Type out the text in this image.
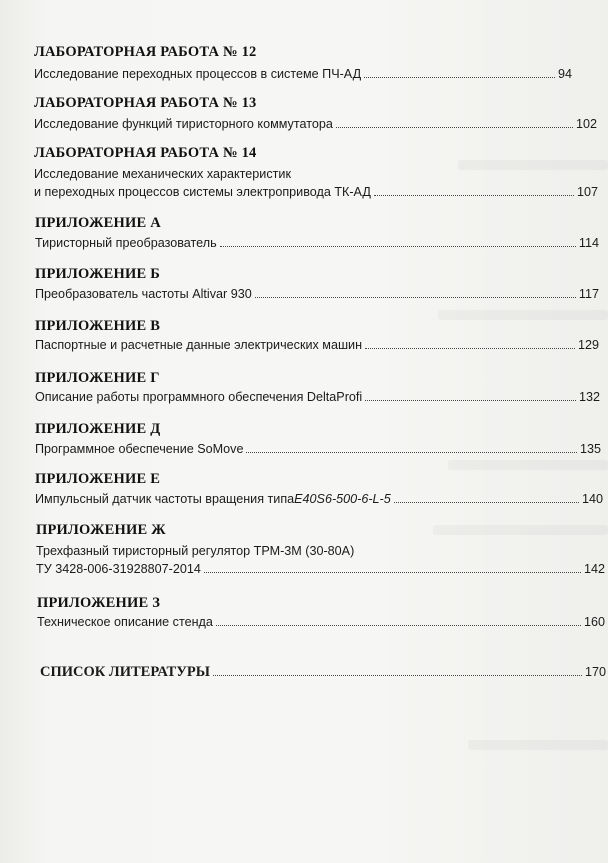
ЛАБОРАТОРНАЯ РАБОТА № 12
Исследование переходных процессов в системе ПЧ-АД	94
ЛАБОРАТОРНАЯ РАБОТА № 13
Исследование функций тиристорного коммутатора	102
ЛАБОРАТОРНАЯ РАБОТА № 14
Исследование механических характеристик
и переходных процессов системы электропривода ТК-АД	107
ПРИЛОЖЕНИЕ А
Тиристорный преобразователь	114
ПРИЛОЖЕНИЕ Б
Преобразователь частоты Altivar 930	117
ПРИЛОЖЕНИЕ В
Паспортные и расчетные данные электрических машин	129
ПРИЛОЖЕНИЕ Г
Описание работы программного обеспечения DeltaProfi	132
ПРИЛОЖЕНИЕ Д
Программное обеспечение SoMove	135
ПРИЛОЖЕНИЕ Е
Импульсный датчик частоты вращения типа E40S6-500-6-L-5	140
ПРИЛОЖЕНИЕ Ж
Трехфазный тиристорный регулятор ТРМ-3М (30-80А)
ТУ 3428-006-31928807-2014	142
ПРИЛОЖЕНИЕ З
Техническое описание стенда	160
СПИСОК ЛИТЕРАТУРЫ	170
